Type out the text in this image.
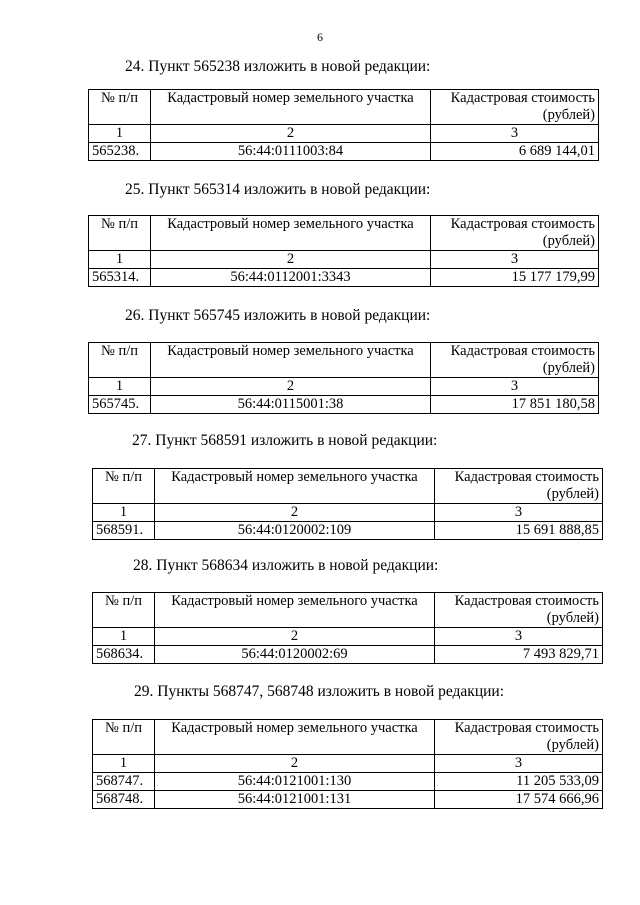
6

24. Пункт 565238 изложить в новой редакции:

№ п/п	Кадастровый номер земельного участка	Кадастровая стоимость (рублей)
1	2	3
565238.	56:44:0111003:84	6 689 144,01

25. Пункт 565314 изложить в новой редакции:

№ п/п	Кадастровый номер земельного участка	Кадастровая стоимость (рублей)
1	2	3
565314.	56:44:0112001:3343	15 177 179,99

26. Пункт 565745 изложить в новой редакции:

№ п/п	Кадастровый номер земельного участка	Кадастровая стоимость (рублей)
1	2	3
565745.	56:44:0115001:38	17 851 180,58

27. Пункт 568591 изложить в новой редакции:

№ п/п	Кадастровый номер земельного участка	Кадастровая стоимость (рублей)
1	2	3
568591.	56:44:0120002:109	15 691 888,85

28. Пункт 568634 изложить в новой редакции:

№ п/п	Кадастровый номер земельного участка	Кадастровая стоимость (рублей)
1	2	3
568634.	56:44:0120002:69	7 493 829,71

29. Пункты 568747, 568748 изложить в новой редакции:

№ п/п	Кадастровый номер земельного участка	Кадастровая стоимость (рублей)
1	2	3
568747.	56:44:0121001:130	11 205 533,09
568748.	56:44:0121001:131	17 574 666,96
